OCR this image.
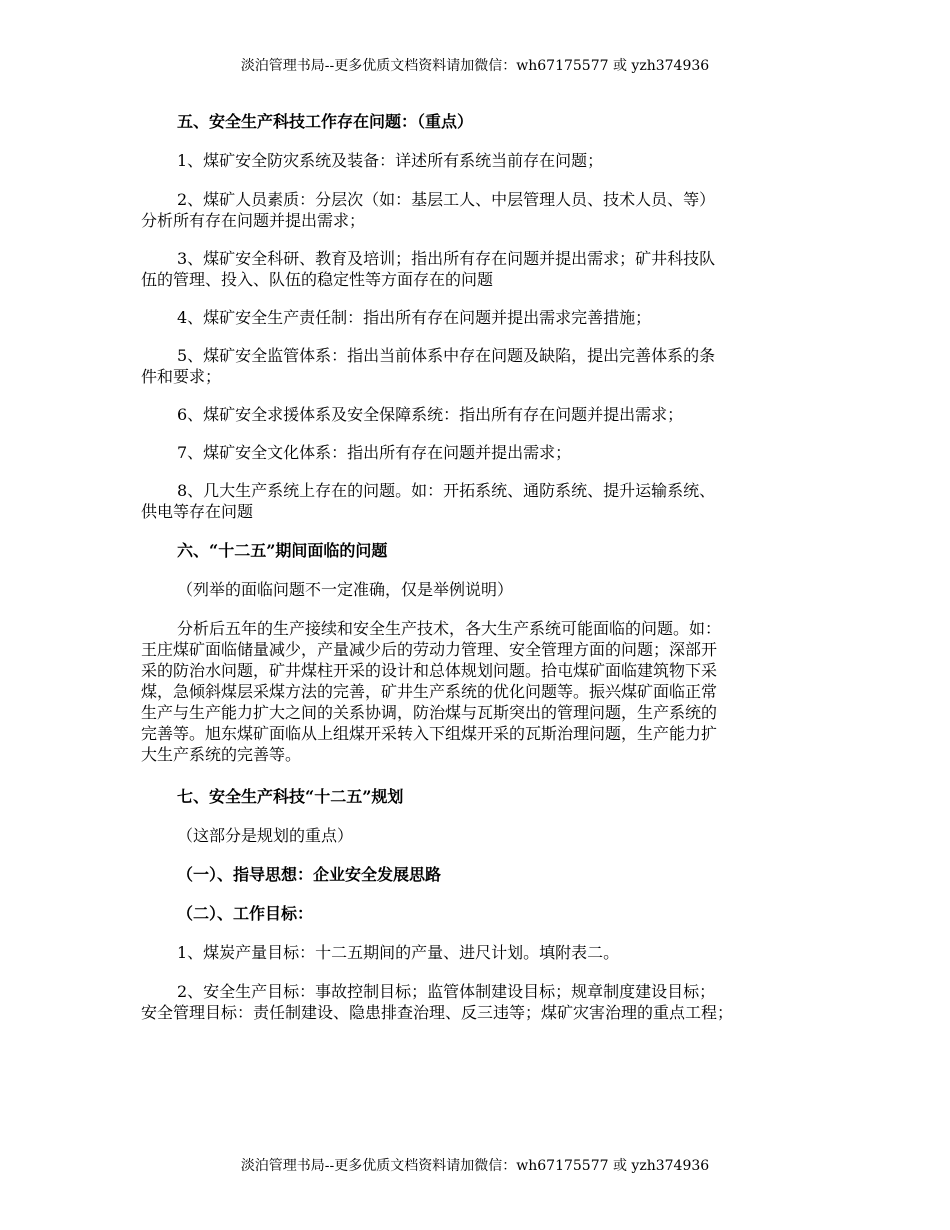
淡泊管理书局--更多优质文档资料请加微信：wh67175577 或 yzh374936

五、安全生产科技工作存在问题：（重点）

1、煤矿安全防灾系统及装备：详述所有系统当前存在问题；

2、煤矿人员素质：分层次（如：基层工人、中层管理人员、技术人员、等）
分析所有存在问题并提出需求；

3、煤矿安全科研、教育及培训；指出所有存在问题并提出需求；矿井科技队
伍的管理、投入、队伍的稳定性等方面存在的问题

4、煤矿安全生产责任制：指出所有存在问题并提出需求完善措施；

5、煤矿安全监管体系：指出当前体系中存在问题及缺陷，提出完善体系的条
件和要求；

6、煤矿安全求援体系及安全保障系统：指出所有存在问题并提出需求；

7、煤矿安全文化体系：指出所有存在问题并提出需求；

8、几大生产系统上存在的问题。如：开拓系统、通防系统、提升运输系统、
供电等存在问题

六、“十二五”期间面临的问题

（列举的面临问题不一定准确，仅是举例说明）

分析后五年的生产接续和安全生产技术，各大生产系统可能面临的问题。如：
王庄煤矿面临储量减少，产量减少后的劳动力管理、安全管理方面的问题；深部开
采的防治水问题，矿井煤柱开采的设计和总体规划问题。拾屯煤矿面临建筑物下采
煤，急倾斜煤层采煤方法的完善，矿井生产系统的优化问题等。振兴煤矿面临正常
生产与生产能力扩大之间的关系协调，防治煤与瓦斯突出的管理问题，生产系统的
完善等。旭东煤矿面临从上组煤开采转入下组煤开采的瓦斯治理问题，生产能力扩
大生产系统的完善等。

七、安全生产科技“十二五”规划

（这部分是规划的重点）

（一）、指导思想：企业安全发展思路

（二）、工作目标：

1、煤炭产量目标：十二五期间的产量、进尺计划。填附表二。

2、安全生产目标：事故控制目标；监管体制建设目标；规章制度建设目标；
安全管理目标：责任制建设、隐患排查治理、反三违等；煤矿灾害治理的重点工程；

淡泊管理书局--更多优质文档资料请加微信：wh67175577 或 yzh374936
